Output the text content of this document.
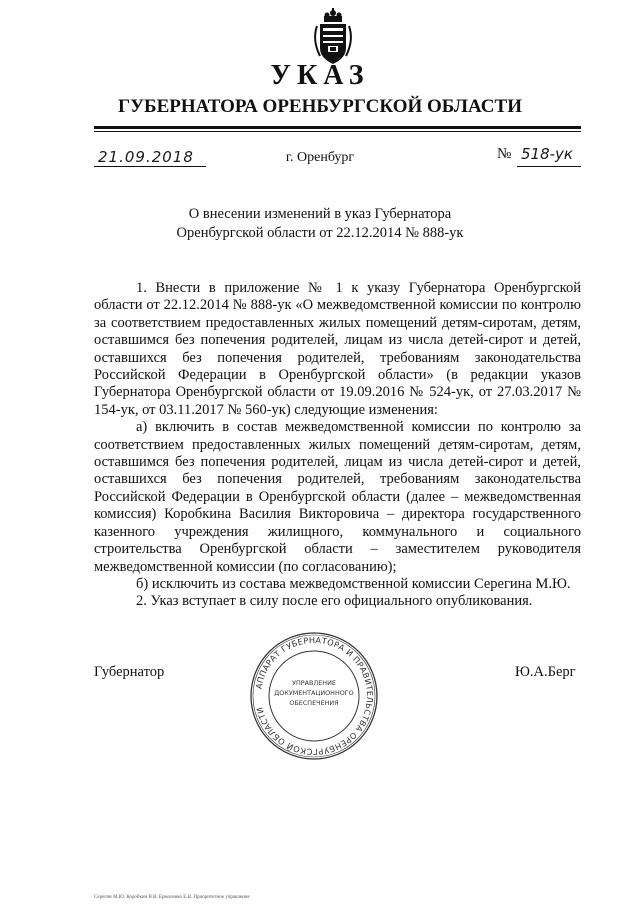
УКАЗ
ГУБЕРНАТОРА ОРЕНБУРГСКОЙ ОБЛАСТИ
21.09.2018	г. Оренбург	№ 518-ук
О внесении изменений в указ Губернатора
Оренбургской области от 22.12.2014 № 888-ук

1. Внести в приложение № 1 к указу Губернатора Оренбургской области от 22.12.2014 № 888-ук «О межведомственной комиссии по контролю за соответствием предоставленных жилых помещений детям-сиротам, детям, оставшимся без попечения родителей, лицам из числа детей-сирот и детей, оставшихся без попечения родителей, требованиям законодательства Российской Федерации в Оренбургской области» (в редакции указов Губернатора Оренбургской области от 19.09.2016 № 524-ук, от 27.03.2017 № 154-ук, от 03.11.2017 № 560-ук) следующие изменения:

а) включить в состав межведомственной комиссии по контролю за соответствием предоставленных жилых помещений детям-сиротам, детям, оставшимся без попечения родителей, лицам из числа детей-сирот и детей, оставшихся без попечения родителей, требованиям законодательства Российской Федерации в Оренбургской области (далее – межведомственная комиссия) Коробкина Василия Викторовича – директора государственного казенного учреждения жилищного, коммунального и социального строительства Оренбургской области – заместителем руководителя межведомственной комиссии (по согласованию);

б) исключить из состава межведомственной комиссии Серегина М.Ю.

2. Указ вступает в силу после его официального опубликования.

Губернатор	Ю.А.Берг
АППАРАТ ГУБЕРНАТОРА И ПРАВИТЕЛЬСТВА ОРЕНБУРГСКОЙ ОБЛАСТИ
УПРАВЛЕНИЕ
ДОКУМЕНТАЦИОННОГО
ОБЕСПЕЧЕНИЯ
Серегин М.Ю. Коробкин В.В. Ермоленко Е.В. Приоритетное управление
